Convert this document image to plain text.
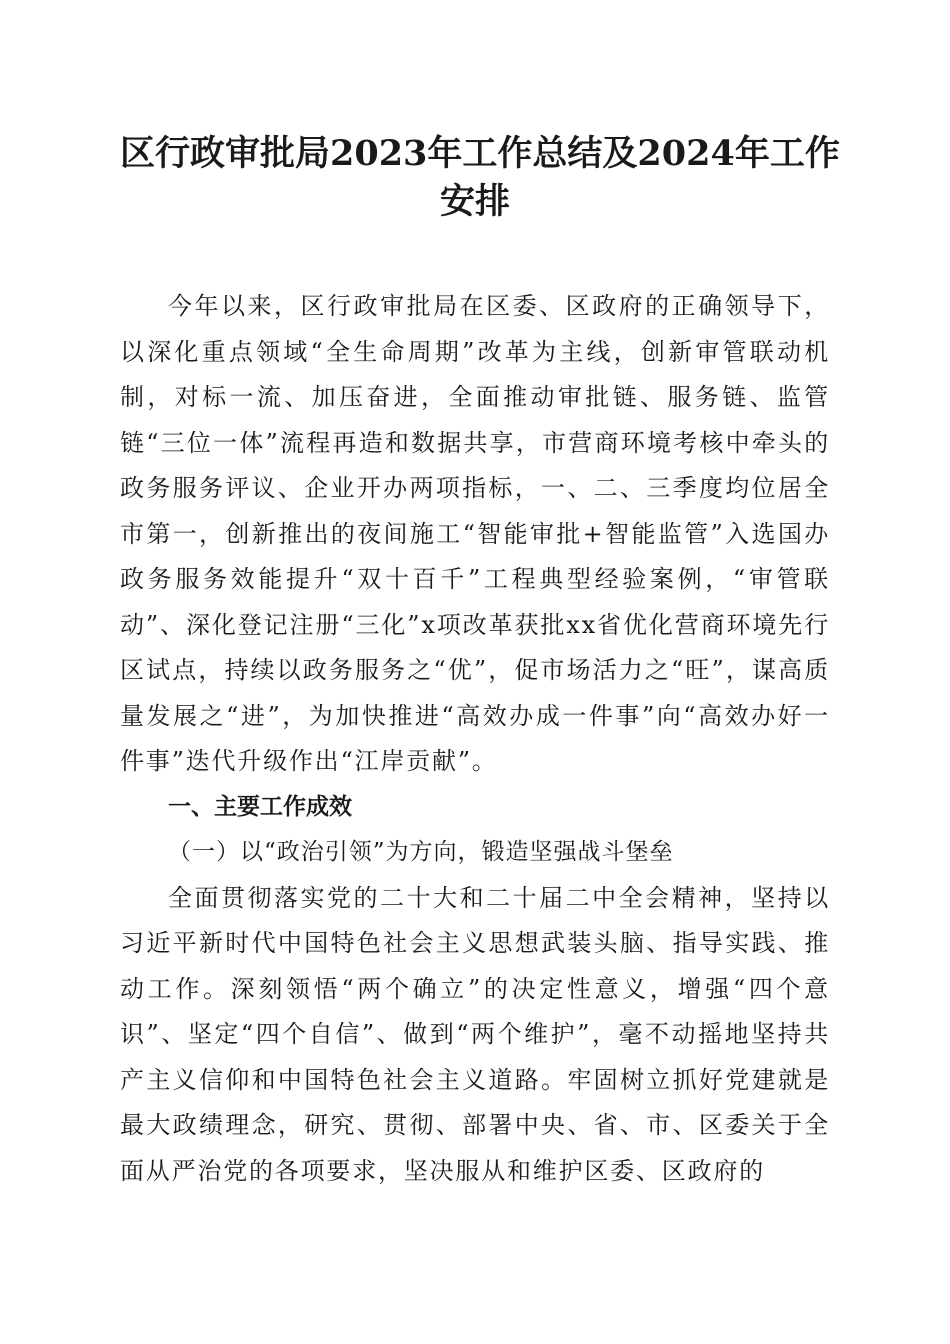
区行政审批局2023年工作总结及2024年工作
安排

今年以来，区行政审批局在区委、区政府的正确领导下，以深化重点领域“全生命周期”改革为主线，创新审管联动机制，对标一流、加压奋进，全面推动审批链、服务链、监管链“三位一体”流程再造和数据共享，市营商环境考核中牵头的政务服务评议、企业开办两项指标，一、二、三季度均位居全市第一，创新推出的夜间施工“智能审批+智能监管”入选国办政务服务效能提升“双十百千”工程典型经验案例，“审管联动”、深化登记注册“三化”x项改革获批xx省优化营商环境先行区试点，持续以政务服务之“优”，促市场活力之“旺”，谋高质量发展之“进”，为加快推进“高效办成一件事”向“高效办好一件事”迭代升级作出“江岸贡献”。

一、主要工作成效
（一）以“政治引领”为方向，锻造坚强战斗堡垒

全面贯彻落实党的二十大和二十届二中全会精神，坚持以习近平新时代中国特色社会主义思想武装头脑、指导实践、推动工作。深刻领悟“两个确立”的决定性意义，增强“四个意识”、坚定“四个自信”、做到“两个维护”，毫不动摇地坚持共产主义信仰和中国特色社会主义道路。牢固树立抓好党建就是最大政绩理念，研究、贯彻、部署中央、省、市、区委关于全面从严治党的各项要求，坚决服从和维护区委、区政府的
